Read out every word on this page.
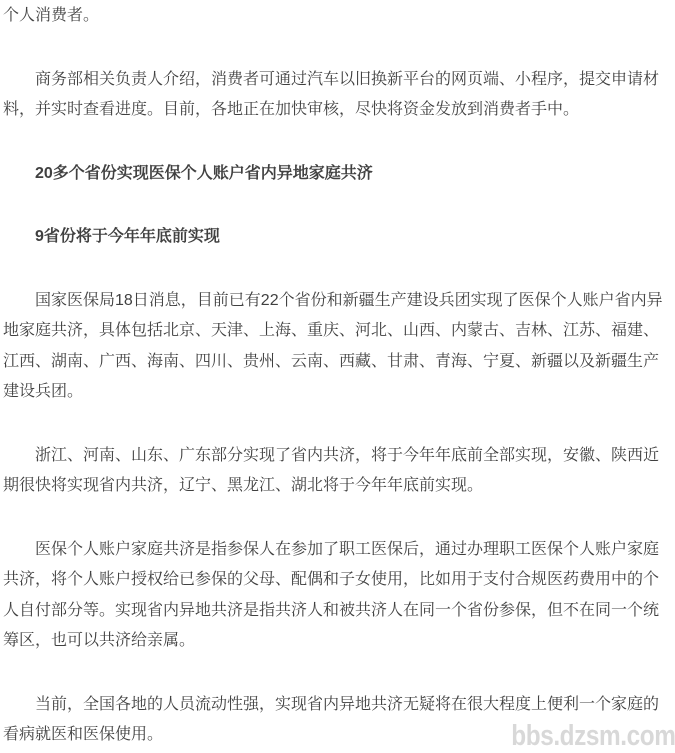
个人消费者。

商务部相关负责人介绍，消费者可通过汽车以旧换新平台的网页端、小程序，提交申请材料，并实时查看进度。目前，各地正在加快审核，尽快将资金发放到消费者手中。

20多个省份实现医保个人账户省内异地家庭共济

9省份将于今年年底前实现

国家医保局18日消息，目前已有22个省份和新疆生产建设兵团实现了医保个人账户省内异地家庭共济，具体包括北京、天津、上海、重庆、河北、山西、内蒙古、吉林、江苏、福建、江西、湖南、广西、海南、四川、贵州、云南、西藏、甘肃、青海、宁夏、新疆以及新疆生产建设兵团。

浙江、河南、山东、广东部分实现了省内共济，将于今年年底前全部实现，安徽、陕西近期很快将实现省内共济，辽宁、黑龙江、湖北将于今年年底前实现。

医保个人账户家庭共济是指参保人在参加了职工医保后，通过办理职工医保个人账户家庭共济，将个人账户授权给已参保的父母、配偶和子女使用，比如用于支付合规医药费用中的个人自付部分等。实现省内异地共济是指共济人和被共济人在同一个省份参保，但不在同一个统筹区，也可以共济给亲属。

当前，全国各地的人员流动性强，实现省内异地共济无疑将在很大程度上便利一个家庭的看病就医和医保使用。	bbs.dzsm.com
